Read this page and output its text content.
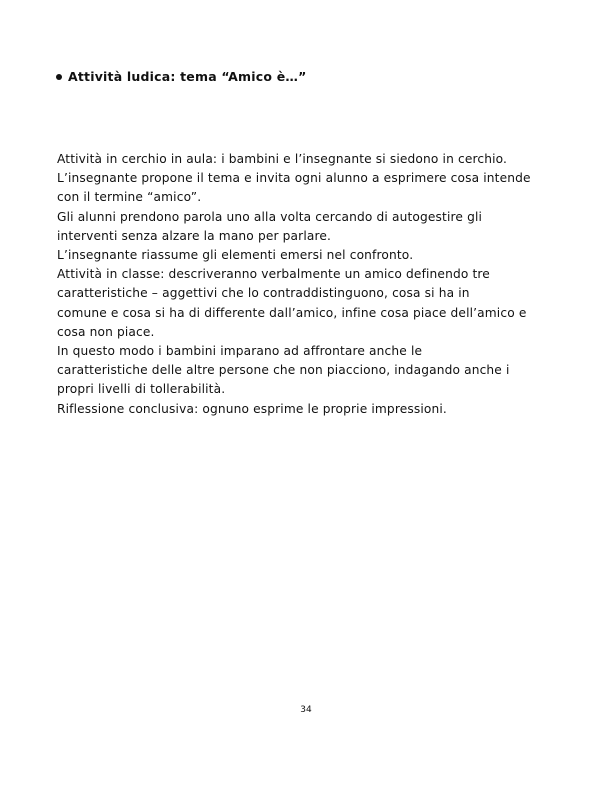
Attività ludica: tema “Amico è…”
Attività in cerchio in aula: i bambini e l’insegnante si siedono in cerchio.
L’insegnante propone il tema e invita ogni alunno a esprimere cosa intende
con il termine “amico”.
Gli alunni prendono parola uno alla volta cercando di autogestire gli
interventi senza alzare la mano per parlare.
L’insegnante riassume gli elementi emersi nel confronto.
Attività in classe: descriveranno verbalmente un amico definendo tre
caratteristiche – aggettivi che lo contraddistinguono, cosa si ha in
comune e cosa si ha di differente dall’amico, infine cosa piace dell’amico e
cosa non piace.
In questo modo i bambini imparano ad affrontare anche le
caratteristiche delle altre persone che non piacciono, indagando anche i
propri livelli di tollerabilità.
Riflessione conclusiva: ognuno esprime le proprie impressioni.
34
